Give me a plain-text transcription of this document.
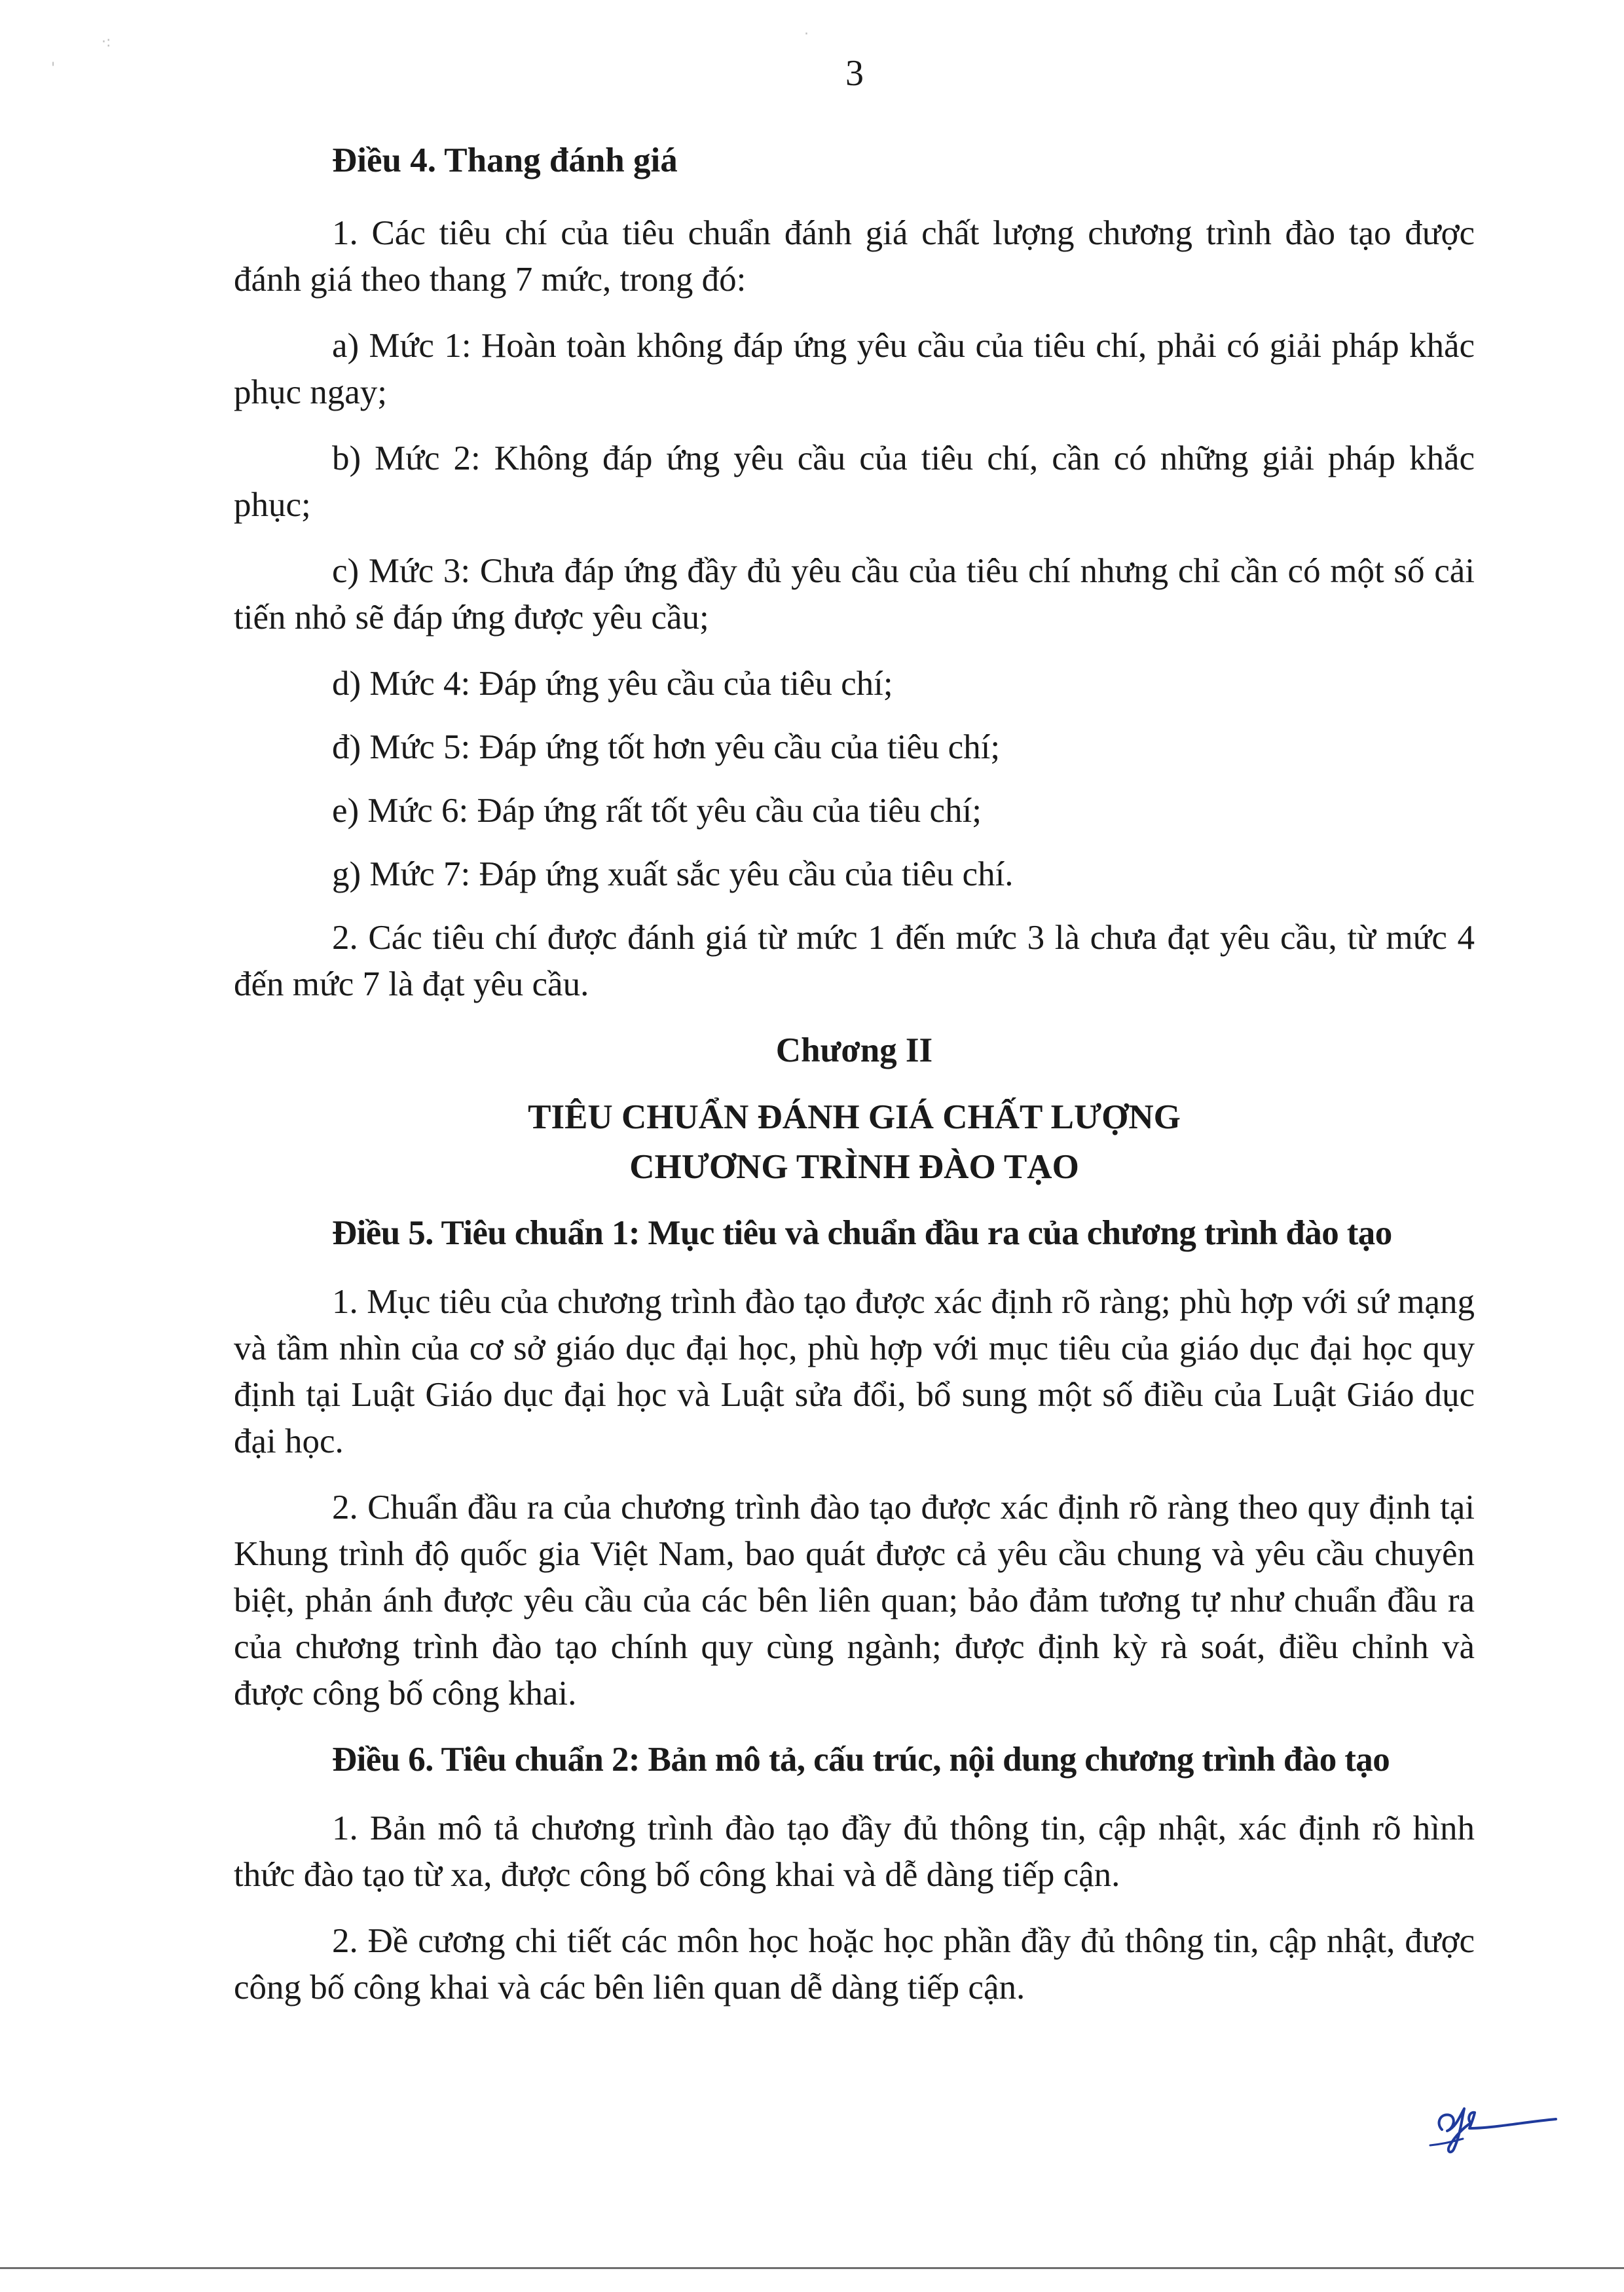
·:
'
·
3

Điều 4. Thang đánh giá

1. Các tiêu chí của tiêu chuẩn đánh giá chất lượng chương trình đào tạo được đánh giá theo thang 7 mức, trong đó:

a) Mức 1: Hoàn toàn không đáp ứng yêu cầu của tiêu chí, phải có giải pháp khắc phục ngay;

b) Mức 2: Không đáp ứng yêu cầu của tiêu chí, cần có những giải pháp khắc phục;

c) Mức 3: Chưa đáp ứng đầy đủ yêu cầu của tiêu chí nhưng chỉ cần có một số cải tiến nhỏ sẽ đáp ứng được yêu cầu;

d) Mức 4: Đáp ứng yêu cầu của tiêu chí;

đ) Mức 5: Đáp ứng tốt hơn yêu cầu của tiêu chí;

e) Mức 6: Đáp ứng rất tốt yêu cầu của tiêu chí;

g) Mức 7: Đáp ứng xuất sắc yêu cầu của tiêu chí.

2. Các tiêu chí được đánh giá từ mức 1 đến mức 3 là chưa đạt yêu cầu, từ mức 4 đến mức 7 là đạt yêu cầu.

Chương II

TIÊU CHUẨN ĐÁNH GIÁ CHẤT LƯỢNG
CHƯƠNG TRÌNH ĐÀO TẠO

Điều 5. Tiêu chuẩn 1: Mục tiêu và chuẩn đầu ra của chương trình đào tạo

1. Mục tiêu của chương trình đào tạo được xác định rõ ràng; phù hợp với sứ mạng và tầm nhìn của cơ sở giáo dục đại học, phù hợp với mục tiêu của giáo dục đại học quy định tại Luật Giáo dục đại học và Luật sửa đổi, bổ sung một số điều của Luật Giáo dục đại học.

2. Chuẩn đầu ra của chương trình đào tạo được xác định rõ ràng theo quy định tại Khung trình độ quốc gia Việt Nam, bao quát được cả yêu cầu chung và yêu cầu chuyên biệt, phản ánh được yêu cầu của các bên liên quan; bảo đảm tương tự như chuẩn đầu ra của chương trình đào tạo chính quy cùng ngành; được định kỳ rà soát, điều chỉnh và được công bố công khai.

Điều 6. Tiêu chuẩn 2: Bản mô tả, cấu trúc, nội dung chương trình đào tạo

1. Bản mô tả chương trình đào tạo đầy đủ thông tin, cập nhật, xác định rõ hình thức đào tạo từ xa, được công bố công khai và dễ dàng tiếp cận.

2. Đề cương chi tiết các môn học hoặc học phần đầy đủ thông tin, cập nhật, được công bố công khai và các bên liên quan dễ dàng tiếp cận.
